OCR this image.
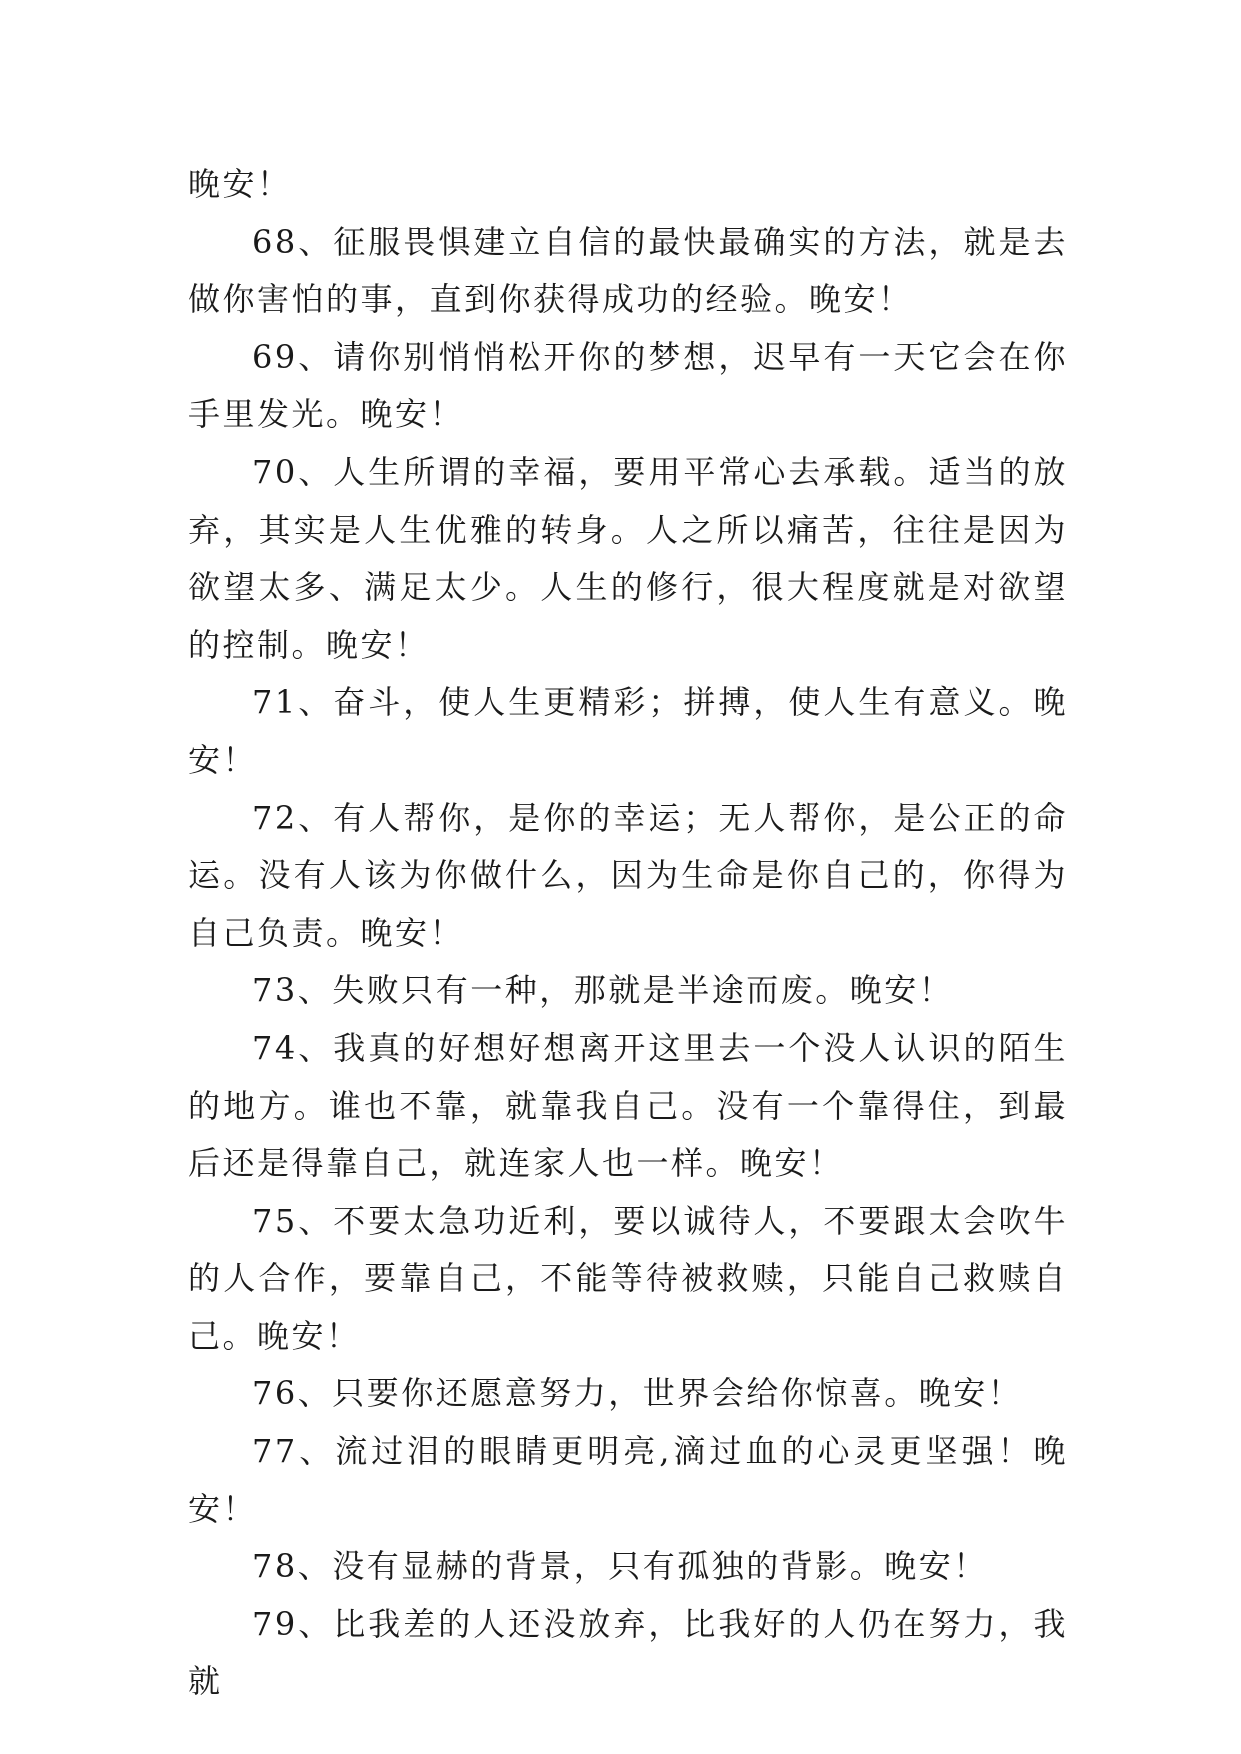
晚安！

68、征服畏惧建立自信的最快最确实的方法，就是去做你害怕的事，直到你获得成功的经验。晚安！

69、请你别悄悄松开你的梦想，迟早有一天它会在你手里发光。晚安！

70、人生所谓的幸福，要用平常心去承载。适当的放弃，其实是人生优雅的转身。人之所以痛苦，往往是因为欲望太多、满足太少。人生的修行，很大程度就是对欲望的控制。晚安！

71、奋斗，使人生更精彩；拼搏，使人生有意义。晚安！

72、有人帮你，是你的幸运；无人帮你，是公正的命运。没有人该为你做什么，因为生命是你自己的，你得为自己负责。晚安！

73、失败只有一种，那就是半途而废。晚安！

74、我真的好想好想离开这里去一个没人认识的陌生的地方。谁也不靠，就靠我自己。没有一个靠得住，到最后还是得靠自己，就连家人也一样。晚安！

75、不要太急功近利，要以诚待人，不要跟太会吹牛的人合作，要靠自己，不能等待被救赎，只能自己救赎自己。晚安！

76、只要你还愿意努力，世界会给你惊喜。晚安！

77、流过泪的眼睛更明亮,滴过血的心灵更坚强！晚安！

78、没有显赫的背景，只有孤独的背影。晚安！

79、比我差的人还没放弃，比我好的人仍在努力，我就
